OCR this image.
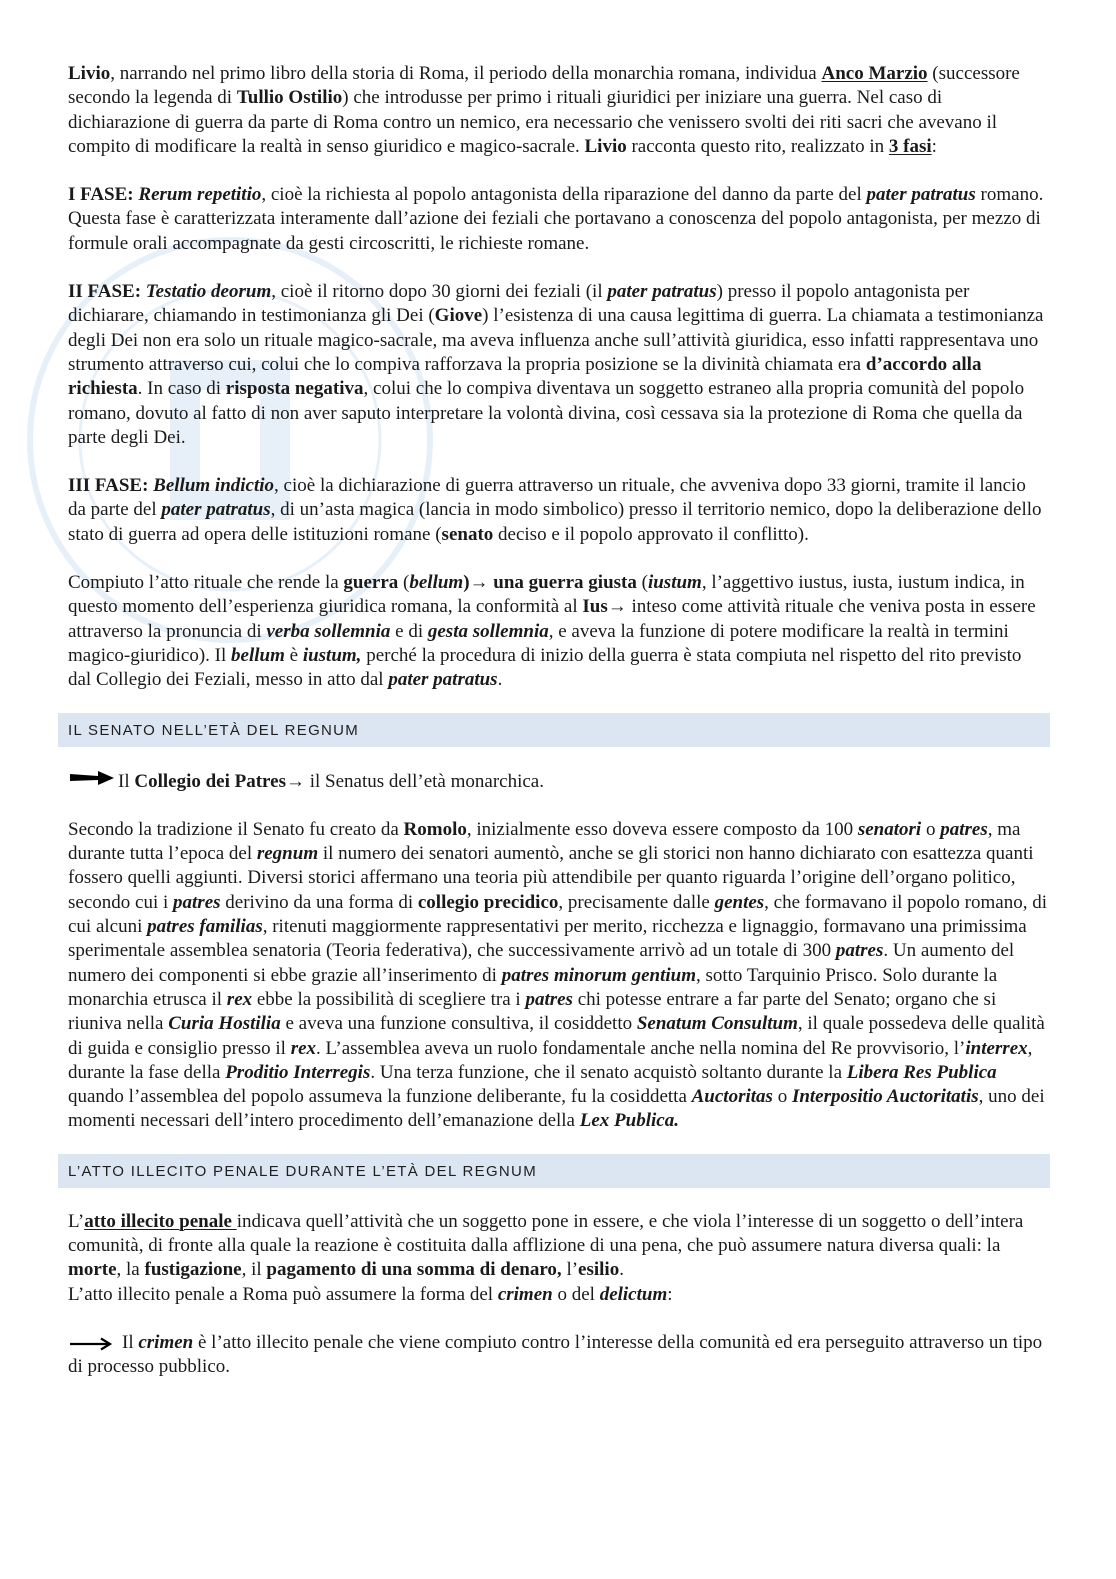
Livio, narrando nel primo libro della storia di Roma, il periodo della monarchia romana, individua Anco Marzio (successore secondo la legenda di Tullio Ostilio) che introdusse per primo i rituali giuridici per iniziare una guerra. Nel caso di dichiarazione di guerra da parte di Roma contro un nemico, era necessario che venissero svolti dei riti sacri che avevano il compito di modificare la realtà in senso giuridico e magico-sacrale. Livio racconta questo rito, realizzato in 3 fasi:

I FASE: Rerum repetitio, cioè la richiesta al popolo antagonista della riparazione del danno da parte del pater patratus romano. Questa fase è caratterizzata interamente dall’azione dei feziali che portavano a conoscenza del popolo antagonista, per mezzo di formule orali accompagnate da gesti circoscritti, le richieste romane.

II FASE: Testatio deorum, cioè il ritorno dopo 30 giorni dei feziali (il pater patratus) presso il popolo antagonista per dichiarare, chiamando in testimonianza gli Dei (Giove) l’esistenza di una causa legittima di guerra. La chiamata a testimonianza degli Dei non era solo un rituale magico-sacrale, ma aveva influenza anche sull’attività giuridica, esso infatti rappresentava uno strumento attraverso cui, colui che lo compiva rafforzava la propria posizione se la divinità chiamata era d’accordo alla richiesta. In caso di risposta negativa, colui che lo compiva diventava un soggetto estraneo alla propria comunità del popolo romano, dovuto al fatto di non aver saputo interpretare la volontà divina, così cessava sia la protezione di Roma che quella da parte degli Dei.

III FASE: Bellum indictio, cioè la dichiarazione di guerra attraverso un rituale, che avveniva dopo 33 giorni, tramite il lancio da parte del pater patratus, di un’asta magica (lancia in modo simbolico) presso il territorio nemico, dopo la deliberazione dello stato di guerra ad opera delle istituzioni romane (senato deciso e il popolo approvato il conflitto).

Compiuto l’atto rituale che rende la guerra (bellum)→ una guerra giusta (iustum, l’aggettivo iustus, iusta, iustum indica, in questo momento dell’esperienza giuridica romana, la conformità al Ius→ inteso come attività rituale che veniva posta in essere attraverso la pronuncia di verba sollemnia e di gesta sollemnia, e aveva la funzione di potere modificare la realtà in termini magico-giuridico). Il bellum è iustum, perché la procedura di inizio della guerra è stata compiuta nel rispetto del rito previsto dal Collegio dei Feziali, messo in atto dal pater patratus.

IL SENATO NELL’ETÀ DEL REGNUM

Il Collegio dei Patres→ il Senatus dell’età monarchica.

Secondo la tradizione il Senato fu creato da Romolo, inizialmente esso doveva essere composto da 100 senatori o patres, ma durante tutta l’epoca del regnum il numero dei senatori aumentò, anche se gli storici non hanno dichiarato con esattezza quanti fossero quelli aggiunti. Diversi storici affermano una teoria più attendibile per quanto riguarda l’origine dell’organo politico, secondo cui i patres derivino da una forma di collegio precidico, precisamente dalle gentes, che formavano il popolo romano, di cui alcuni patres familias, ritenuti maggiormente rappresentativi per merito, ricchezza e lignaggio, formavano una primissima sperimentale assemblea senatoria (Teoria federativa), che successivamente arrivò ad un totale di 300 patres. Un aumento del numero dei componenti si ebbe grazie all’inserimento di patres minorum gentium, sotto Tarquinio Prisco. Solo durante la monarchia etrusca il rex ebbe la possibilità di scegliere tra i patres chi potesse entrare a far parte del Senato; organo che si riuniva nella Curia Hostilia e aveva una funzione consultiva, il cosiddetto Senatum Consultum, il quale possedeva delle qualità di guida e consiglio presso il rex. L’assemblea aveva un ruolo fondamentale anche nella nomina del Re provvisorio, l’interrex, durante la fase della Proditio Interregis. Una terza funzione, che il senato acquistò soltanto durante la Libera Res Publica quando l’assemblea del popolo assumeva la funzione deliberante, fu la cosiddetta Auctoritas o Interpositio Auctoritatis, uno dei momenti necessari dell’intero procedimento dell’emanazione della Lex Publica.

L’ATTO ILLECITO PENALE DURANTE L’ETÀ DEL REGNUM

L’atto illecito penale indicava quell’attività che un soggetto pone in essere, e che viola l’interesse di un soggetto o dell’intera comunità, di fronte alla quale la reazione è costituita dalla afflizione di una pena, che può assumere natura diversa quali: la morte, la fustigazione, il pagamento di una somma di denaro, l’esilio.
L’atto illecito penale a Roma può assumere la forma del crimen o del delictum:

Il crimen è l’atto illecito penale che viene compiuto contro l’interesse della comunità ed era perseguito attraverso un tipo di processo pubblico.
